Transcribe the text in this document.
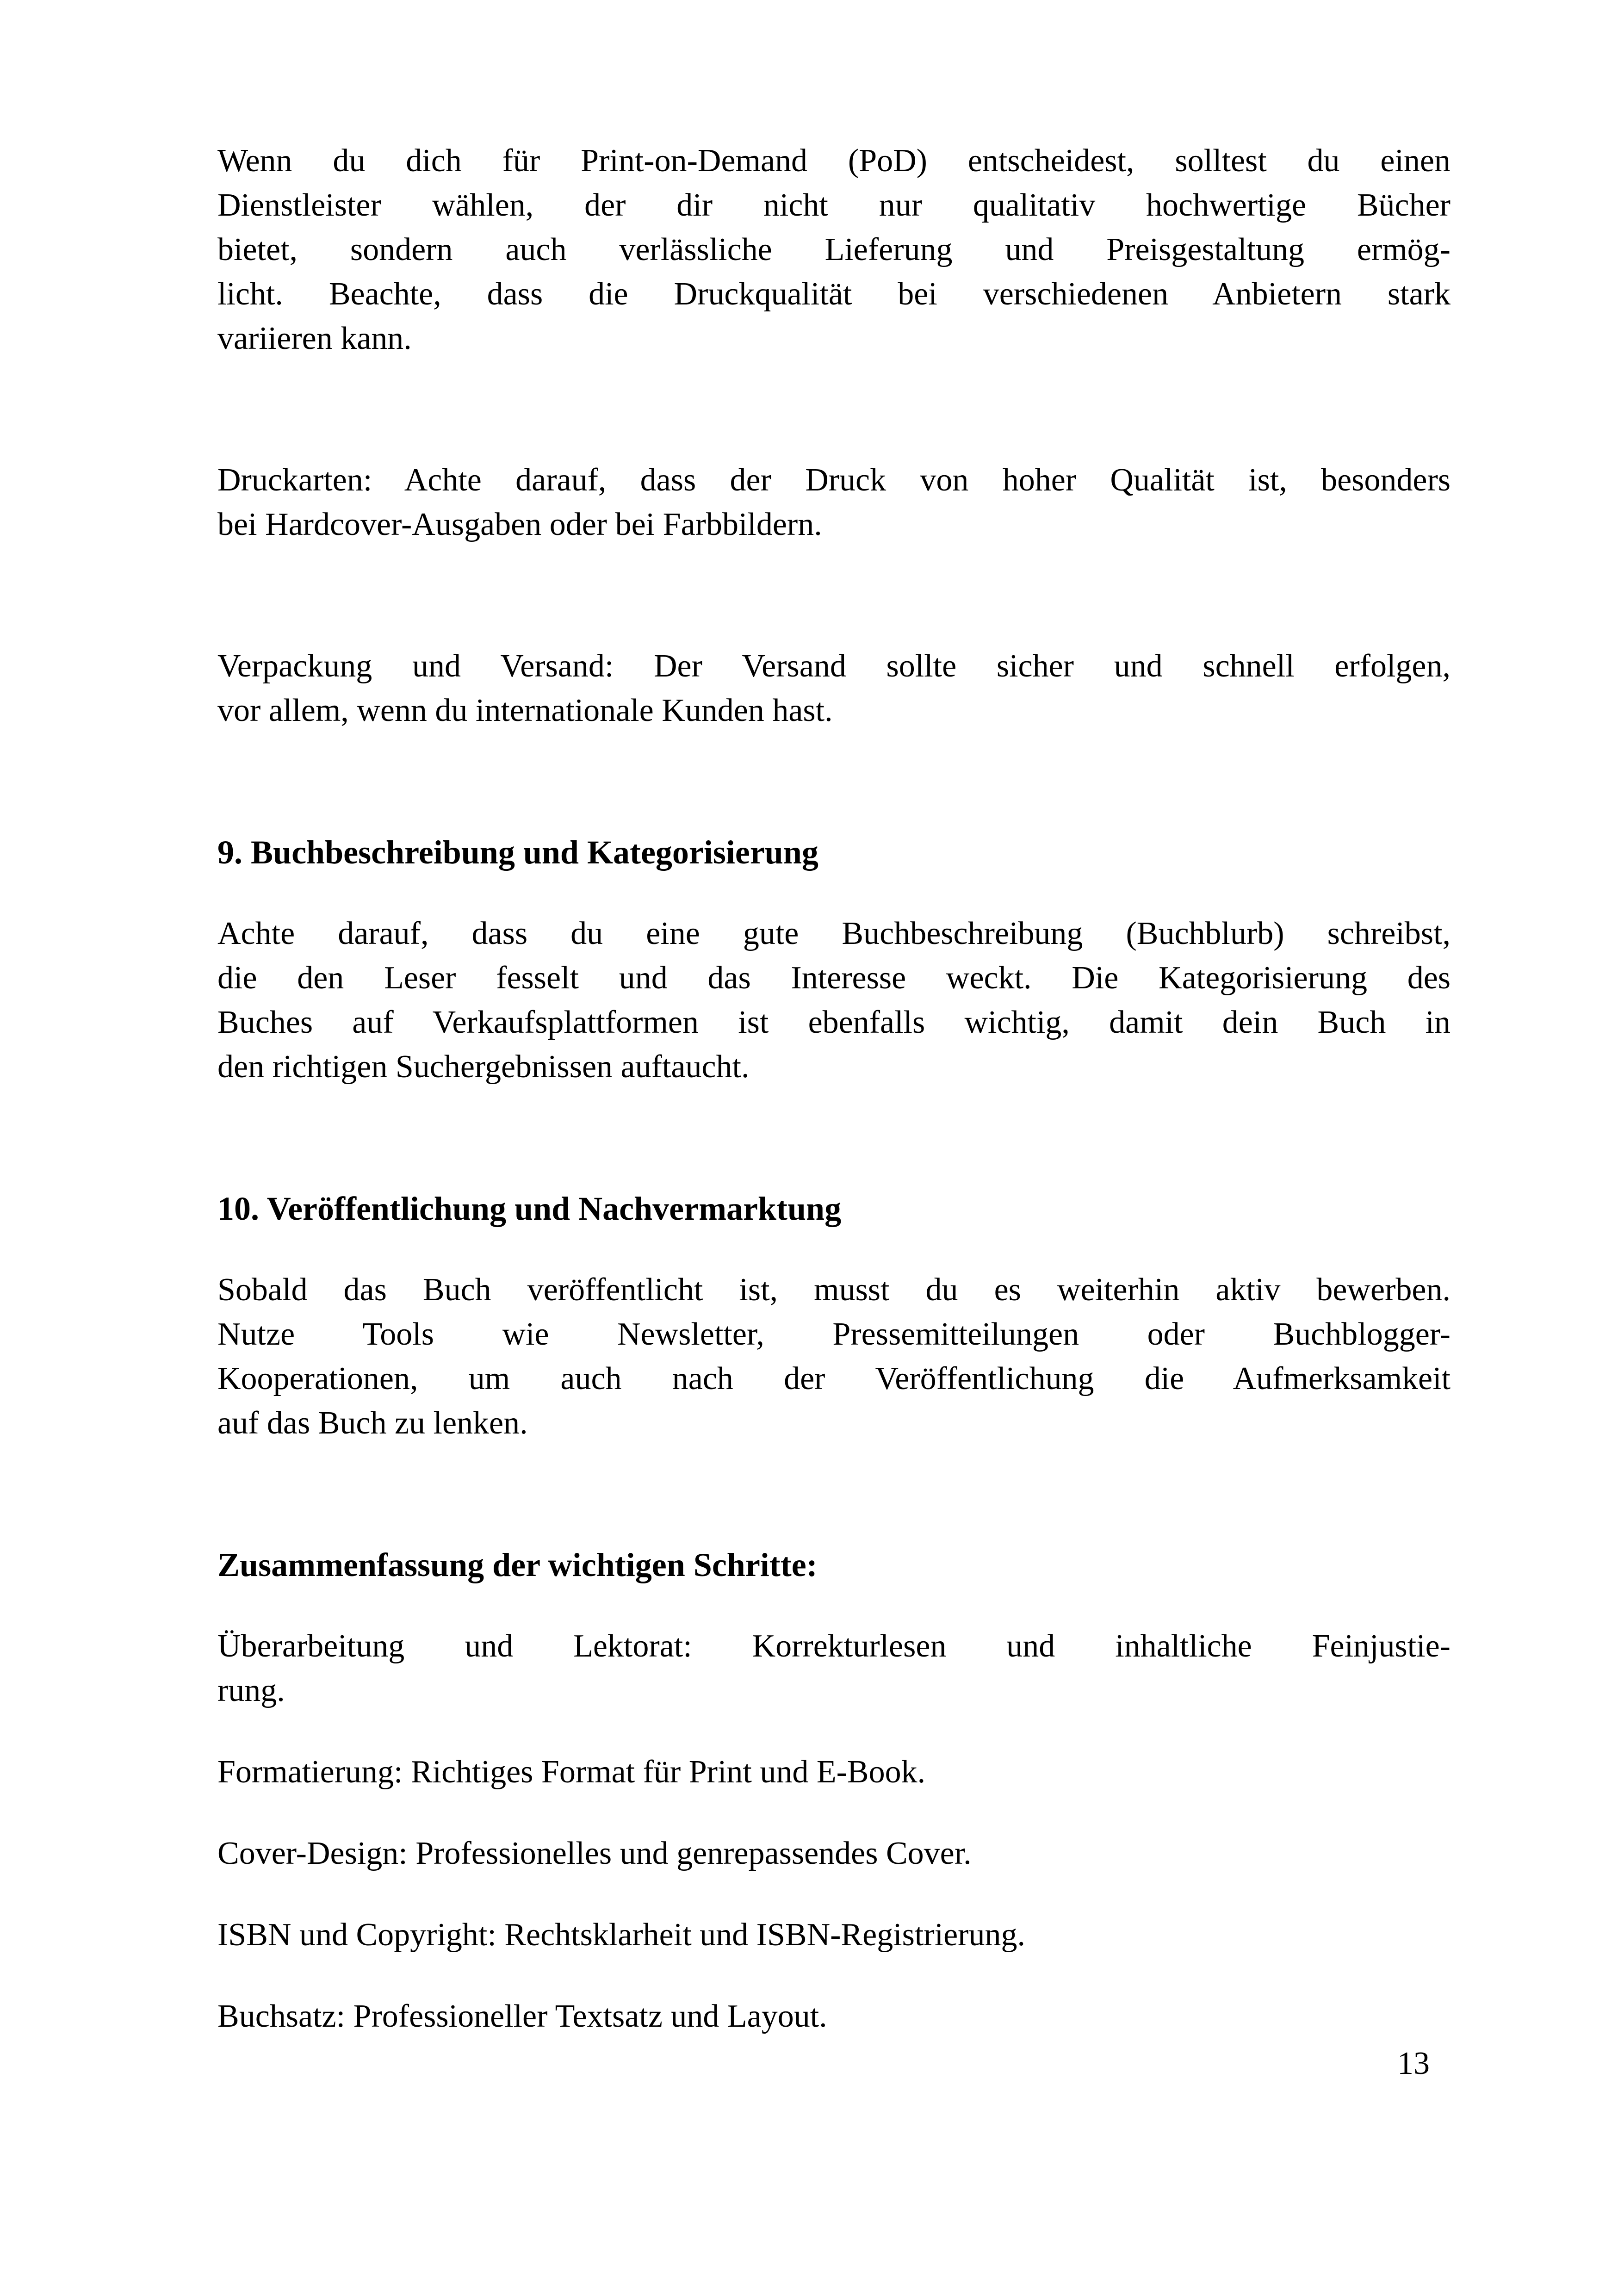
Wenn du dich für Print-on-Demand (PoD) entscheidest, solltest du einen
Dienstleister wählen, der dir nicht nur qualitativ hochwertige Bücher
bietet, sondern auch verlässliche Lieferung und Preisgestaltung ermög-
licht. Beachte, dass die Druckqualität bei verschiedenen Anbietern stark
variieren kann.
Druckarten: Achte darauf, dass der Druck von hoher Qualität ist, besonders
bei Hardcover-Ausgaben oder bei Farbbildern.
Verpackung und Versand: Der Versand sollte sicher und schnell erfolgen,
vor allem, wenn du internationale Kunden hast.
9. Buchbeschreibung und Kategorisierung
Achte darauf, dass du eine gute Buchbeschreibung (Buchblurb) schreibst,
die den Leser fesselt und das Interesse weckt. Die Kategorisierung des
Buches auf Verkaufsplattformen ist ebenfalls wichtig, damit dein Buch in
den richtigen Suchergebnissen auftaucht.
10. Veröffentlichung und Nachvermarktung
Sobald das Buch veröffentlicht ist, musst du es weiterhin aktiv bewerben.
Nutze Tools wie Newsletter, Pressemitteilungen oder Buchblogger-
Kooperationen, um auch nach der Veröffentlichung die Aufmerksamkeit
auf das Buch zu lenken.
Zusammenfassung der wichtigen Schritte:
Überarbeitung und Lektorat: Korrekturlesen und inhaltliche Feinjustie-
rung.
Formatierung: Richtiges Format für Print und E-Book.
Cover-Design: Professionelles und genrepassendes Cover.
ISBN und Copyright: Rechtsklarheit und ISBN-Registrierung.
Buchsatz: Professioneller Textsatz und Layout.
13
